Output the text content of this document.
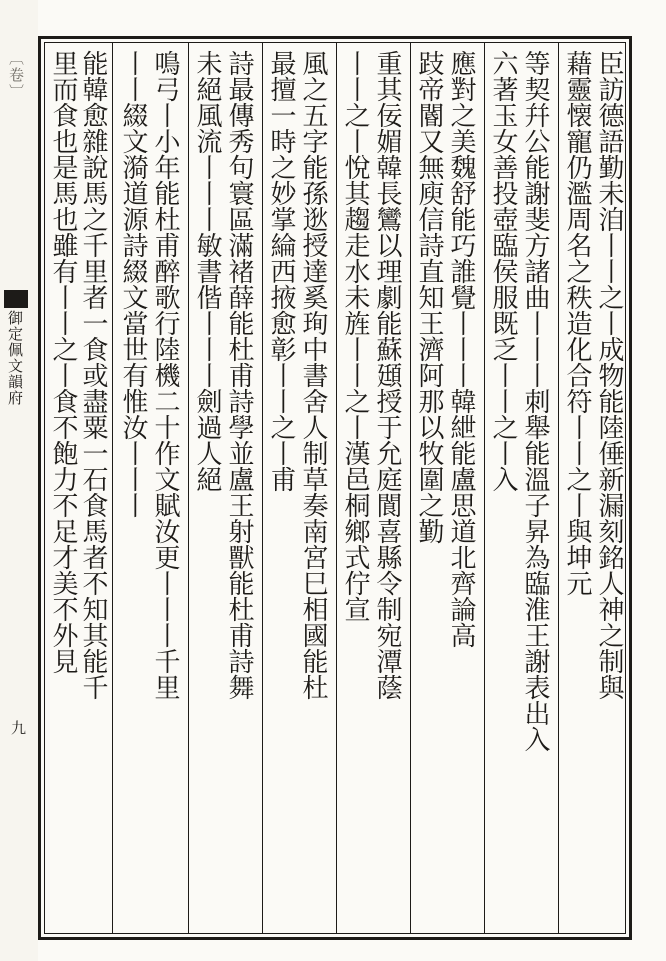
〔卷〕
御定佩文韻府
九
臣訪德語勤未洎丨丨之丨成物能陸倕新漏刻銘人神之制與
藉靈懐寵仍濫周名之秩造化合符丨丨之丨與坤元
等契幷公能謝斐方諸曲丨丨丨刺舉能溫子昇為臨淮王謝表出入
六著玉女善投壺臨侯服既乏丨丨之丨入
應對之美魏舒能巧誰覺丨丨丨韓紲能盧思道北齊論高
跂帝閽又無庾信詩直知王濟阿那以牧圍之勤
重其佞媚韓長鸞以理劇能蘇頲授于允庭閬喜縣令制宛潭蔭
丨丨之丨悅其趨走水未旌丨丨之丨漢邑桐鄉式佇宣
風之五字能孫逖授達奚珣中書舍人制草奏南宮巳相國能杜
最擅一時之妙掌綸西掖愈彰丨丨之丨甫
詩最傳秀句寰區滿褚薛能杜甫詩學並盧王射獸能杜甫詩舞
未絕風流丨丨丨敏書偕丨丨丨劍過人絕
鳴弓丨小年能杜甫醉歌行陸機二十作文賦汝更丨丨丨千里
丨丨綴文漪道源詩綴文當世有惟汝丨丨丨
能韓愈雜說馬之千里者一食或盡粟一石食馬者不知其能千
里而食也是馬也雖有丨丨之丨食不飽力不足才美不外見
